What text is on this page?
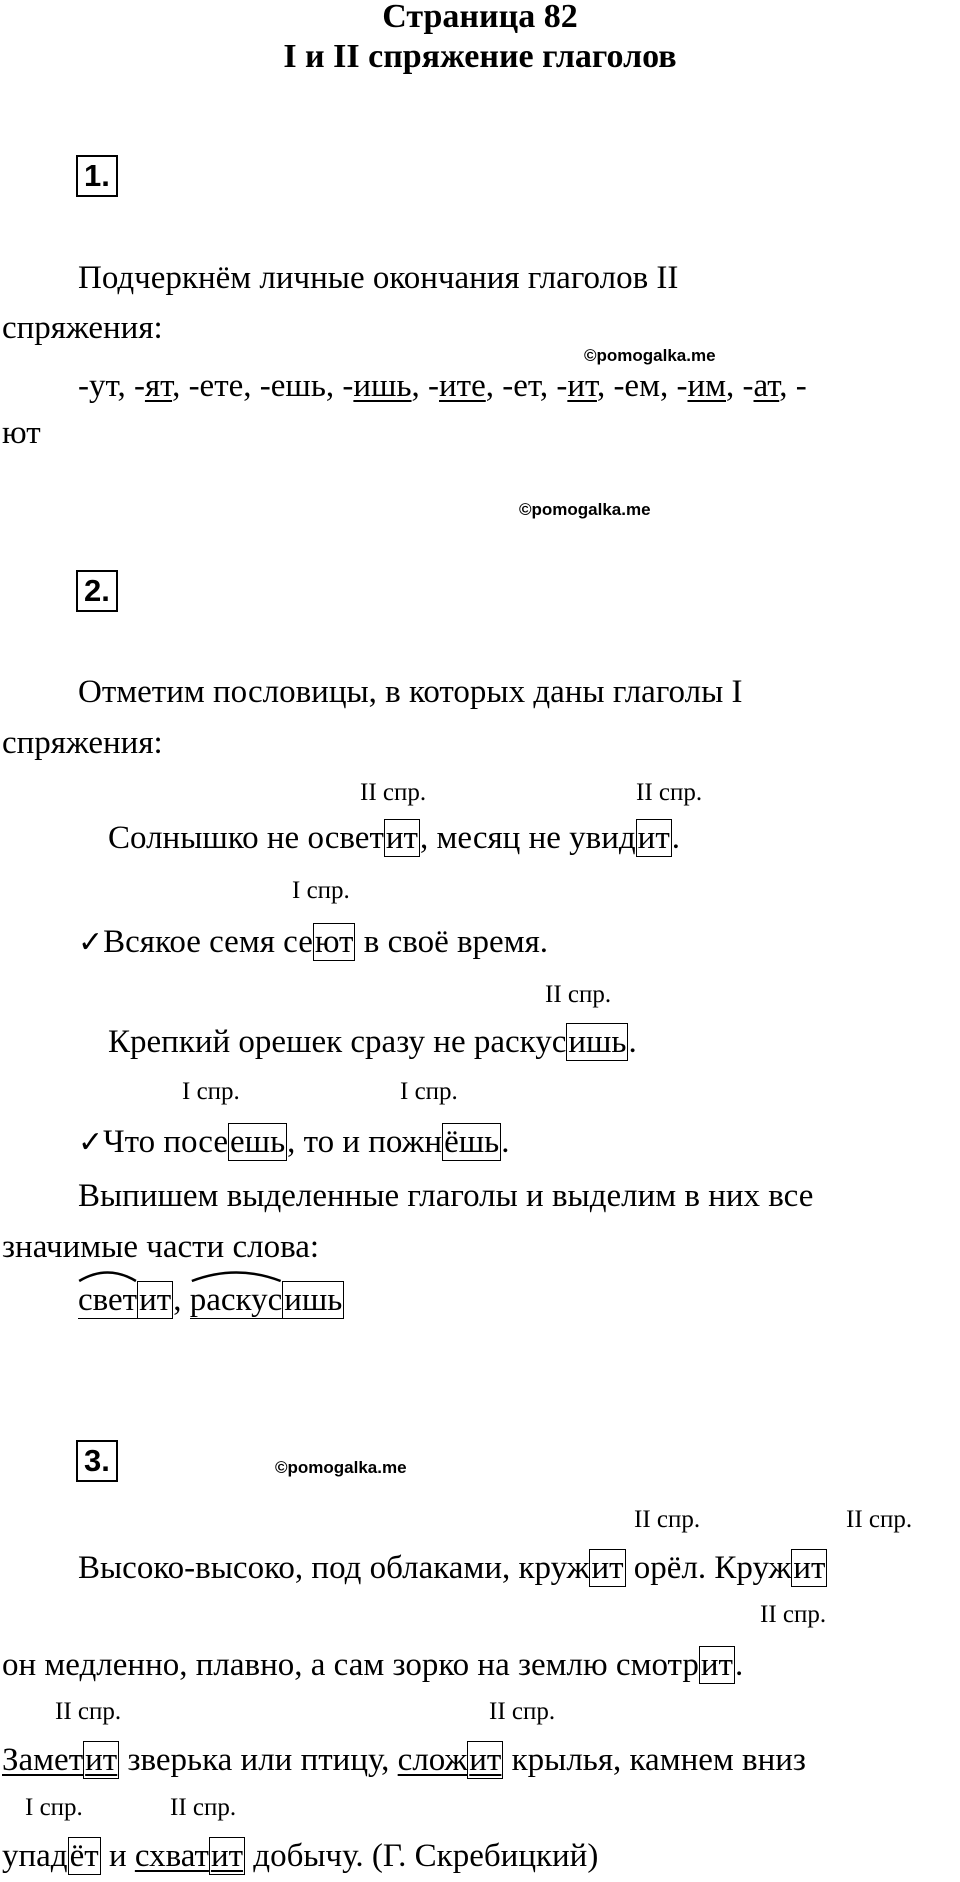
Страница 82
I и II спряжение глаголов
1.
Подчеркнём личные окончания глаголов II
спряжения:
©pomogalka.me
-ут, -ят, -ете, -ешь, -ишь, -ите, -ет, -ит, -ем, -им, -ат, -
ют
©pomogalka.me
2.
Отметим пословицы, в которых даны глаголы I
спряжения:
II спр.	II спр.
Солнышко не осветит, месяц не увидит.
I спр.
✓Всякое семя сеют в своё время.
II спр.
Крепкий орешек сразу не раскусишь.
I спр.	I спр.
✓Что посеешь, то и пожнёшь.
Выпишем выделенные глаголы и выделим в них все
значимые части слова:
светит,
раскусишь
3.	©pomogalka.me
II спр.	II спр.
Высоко-высоко, под облаками, кружит орёл. Кружит
II спр.
он медленно, плавно, а сам зорко на землю смотрит.
II спр.	II спр.
Заметит зверька или птицу, сложит крылья, камнем вниз
I спр.	II спр.
упадёт и схватит добычу. (Г. Скребицкий)
